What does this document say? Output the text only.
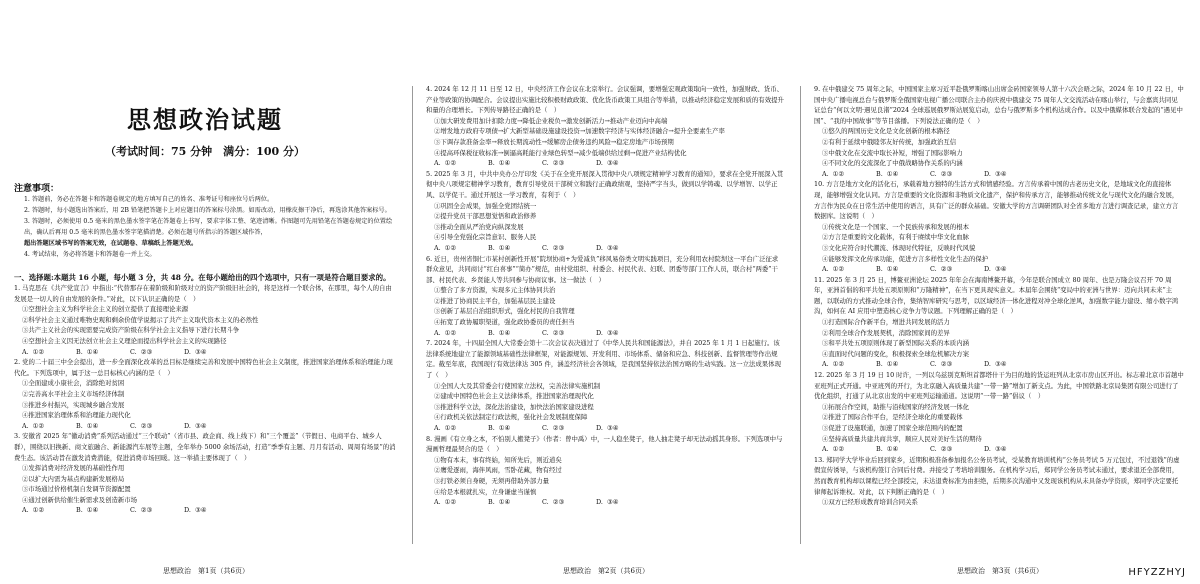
思想政治试题
（考试时间：75 分钟　满分：100 分）
注意事项：

1. 答题前，务必在答题卡和答题卷规定的地方填写自己的姓名、准考证号和座位号后两位。

2. 答题时，每小题选出答案后，用 2B 铅笔把答题卡上对应题目的答案标号涂黑。如需改动，用橡皮擦干净后，再选涂其他答案标号。

3. 答题时，必须使用 0.5 毫米的黑色墨水签字笔在答题卷上书写，要求字体工整、笔迹清晰。作图题可先用铅笔在答题卷规定的位置绘出，确认后再用 0.5 毫米的黑色墨水签字笔描清楚。必须在题号所指示的答题区域作答，

超出答题区域书写的答案无效，在试题卷、草稿纸上答题无效。

4. 考试结束，务必将答题卡和答题卷一并上交。

一、选择题:本题共 16 小题，每小题 3 分，共 48 分。在每小题给出的四个选项中，只有一项是符合题目要求的。
1. 马克思在《共产党宣言》中指出:“代替那存在着阶级和阶级对立的资产阶级旧社会的，将是这样一个联合体，在那里，每个人的自由发展是一切人的自由发展的条件。”对此，以下认识正确的是（　）
①空想社会主义为科学社会主义的创立提供了直接理论来源
②科学社会主义通过唯物史观和剩余价值学说揭示了共产主义取代资本主义的必然性
③共产主义社会的实现需要完成资产阶级在科学社会主义指导下进行长期斗争
④空想社会主义因无法创立社会主义理论而提出科学社会主义的实现路径
A. ①②	B. ①④	C. ②③	D. ③④
2. 党的二十届三中全会提出，进一步全面深化改革的总目标是继续完善和发展中国特色社会主义制度，推进国家治理体系和治理能力现代化。下列选项中，属于这一总目标核心内涵的是（　）
①全面建成小康社会，消除绝对贫困
②完善高水平社会主义市场经济体制
③推进乡村振兴，实现城乡融合发展
④推进国家治理体系和治理能力现代化
A. ①②	B. ①④	C. ②③	D. ③④
3. 安徽省 2025 年“徽动消费”系列活动通过“三个联动”（省市县、政企商、线上线下）和“三个覆盖”（节假日、电商平台、城乡人群），围绕以旧换新、商文旅融合、新能源汽车展等主题，全年举办 5000 余场活动，打造“季季有主题、月月有活动、周周有场景”的消费生态。该活动旨在激发消费潜能，促进消费市场回暖。这一举措主要体现了（　）
①发挥消费对经济发展的基础性作用
②以扩大内需为基点构建新发展格局
③市场通过价格机制自发调节资源配置
④通过创新供给催生新需求及创造新市场
A. ①②	B. ①④	C. ②③	D. ③④
思想政治　第1页（共6页）
4. 2024 年 12 月 11 日至 12 日，中央经济工作会议在北京举行。会议强调，要增强宏观政策取向一致性，加强财政、货币、产业等政策的协调配合。会议提出实施比较积极财政政策、优化货币政策工具组合等举措，以推动经济稳定发展和质的有效提升和量的合理增长。下列传导路径正确的是（　）
①加大研发费用加计扣除力度→降低企业税负→激发创新活力→推动产业迈向中高端
②增发地方政府专项债→扩大新型基础设施建设投资→加速数字经济与实体经济融合→提升全要素生产率
③下调存款准备金率→释放长期流动性→缓解房企债务违约风险→稳定房地产市场预期
④提高环保税征收标准→倒逼高耗能行业绿色转型→减少低端供给过剩→促进产业结构优化
A. ①②	B. ①④	C. ②③	D. ③④
5. 2025 年 3 月，中共中央办公厅印发《关于在全党开展深入贯彻中央八项规定精神学习教育的通知》，要求在全党开展深入贯彻中央八项规定精神学习教育，教育引导党员干部树立和践行正确政绩观，坚持严字当头，做到以学铸魂、以学增智、以学正风、以学促干。通过开展这一学习教育，有利于（　）
①巩固全会成果，加强全党团结统一
②提升党员干部思想觉悟和政治修养
③推动全面从严治党向纵深发展
④引导全党强化宗旨意识、服务人民
A. ①②	B. ①④	C. ②③	D. ③④
6. 近日，贵州省铜仁市某村创新性开展“院坝协商+为爱减负”移风易俗类文明实践项目，充分利用农村院坝这一平台广泛征求群众意见，共同商讨“红白喜事”“简办”规范，由村党组织、村委会、村民代表、妇联、团委等部门工作人员，联合村“两委”干部、村民代表、乡贤能人等共同参与协商议事。这一做法（　）
①整合了多方资源，实现多元主体协同共治
②推进了协商民主平台，加强基层民主建设
③创新了基层自治组织形式，强化村民的自我管理
④拓宽了政协履职渠道，强化政协委员的责任担当
A. ①②	B. ①④	C. ②③	D. ③④
7. 2024 年，十四届全国人大常委会第十二次会议表决通过了《中华人民共和国能源法》，并自 2025 年 1 月 1 日起施行。该法律系统地建立了能源领域基础性法律框架，对能源规划、开发利用、市场体系、储备和应急、科技创新、监督管理等作出规定。截至年底，我国现行有效法律达 305 件，涵盖经济社会各领域，是我国坚持依法治国方略的生动实践。这一立法成果体现了（　）
①全国人大及其常委会行使国家立法权，完善法律实施机制
②建成中国特色社会主义法律体系，推进国家治理现代化
③推进科学立法，深化法治建设，加快法治国家建设进程
④行政机关依法制定行政法规，强化社会发展制度保障
A. ①②	B. ①④	C. ②③	D. ③④
8. 漫画《有立身之本，不怕别人搬凳子》（作者：曾中禹）中，一人稳坐凳子，他人抽走凳子却无法动摇其身形。下列选项中与漫画哲理最契合的是（　）
①物有本末，事有终始，知所先后，则近道矣
②鹰爱逐雨，海伴风雨，雪卧花藏，物有经过
③打铁必须自身硬，无须再借助外部力量
④给是本根就扎实，立身谦虚当谨慎
A. ①②	B. ①④	C. ②③	D. ③④
思想政治　第2页（共6页）
9. 在中俄建交 75 周年之际，中国国家主席习近平赴俄罗斯喀山出席金砖国家领导人第十六次会晤之际，2024 年 10 月 22 日，中国中央广播电视总台与俄罗斯全俄国家电视广播公司联合主办的庆祝中俄建交 75 周年人文交流活动在喀山举行，与会嘉宾共同见证总台“何以文明·遇见良渚”2024 全球巡展俄罗斯站展览启动，总台与俄罗斯多个机构达成合作。以及中俄媒体联合发起的“遇见中国”、“我的中国故事”等节目落播。下列说法正确的是（　）
①悠久的两国历史文化是文化创新的根本路径
②有利于延续中俄睦邻友好传统，加强政治互信
③中俄文化在交流中取长补短，增强了国际影响力
④不同文化的交流深化了中俄战略协作关系的内涵
A. ①②	B. ①④	C. ②③	D. ③④
10. 方言是地方文化的活化石，承载着地方独特的生活方式和情感经验。方言传承着中国的古老历史文化，是地域文化的直接体现，能够增强文化认同。方言是重要的文化资源和非物质文化遗产，保护和传承方言，能够推动传统文化与现代文化的融合发展，方言作为民众在日常生活中使用的语言，具有广泛的群众基础。安徽大学的方言调研团队对全省多地方言进行调查记录，建立方言数据库。这说明（　）
①传统文化是一个国家、一个民族传承和发展的根本
②方言是重要的文化载体，有利于赓续中华文化血脉
③文化应符合时代潮流、体现时代特征，反映时代风貌
④能够发挥文化传承功能，促进方言多样性文化生态的保护
A. ①②	B. ①④	C. ②③	D. ③④
11. 2025 年 3 月 25 日，博鳌亚洲论坛 2025 年年会在海南博鳌开幕，今年是联合国成立 80 周年、也是万隆会议召开 70 周年，亚洲首倡的和平共处五项原则和“万隆精神”，在当下更具现实意义。本届年会围绕“变局中的亚洲与世界：迈向共同未来”主题，以联动的方式推动全球合作，集纳智库研究与思考，以区域经济一体化进程对冲全球化逆风，加强数字能力建设、缩小数字鸿沟，如何在 AI 应用中塑造核心竞争力等议题。下列理解正确的是（　）
①打造国际合作新平台，增进共同发展的活力
②利用全球合作发展契机，消除国家间的差异
③和平共处五项原则体现了新型国际关系的本质内涵
④直面时代问题的变化，积极探索全球危机解决方案
A. ①②	B. ①④	C. ②③	D. ③④
12. 2025 年 3 月 19 日 10 时许，一列以乌兹别克斯坦首都塔什干为目的地的货运班列从北京市房山区开出。标志着北京市首趟中亚班列正式开通。中亚班列的开行，为北京融入高质量共建“一带一路”增加了新支点。为此，中国铁路北京局集团有限公司进行了优化组织，打通了从北京出发的中亚班列运输通道。这说明“一带一路”倡议（　）
①拓展合作空间，助推与沿线国家的经济发展一体化
②推进了国际合作平台，是经济全球化的重要载体
③促进了设施联通，加速了国家全球范围内的配置
④坚持高质量共建共商共享，顺应人民对美好生活的期待
A. ①②	B. ①④	C. ②③	D. ③④
13. 郑同学大学毕业后回到家乡，近期积极准备参加报名公务员考试，受某教育培训机构“公务员考试 5 万元包过，不过退钱”的虚假宣传诱导，与该机构签订合同后付费。并接受了考培培训服务。在机构学习后，郑同学公务员考试未通过，要求退还全部费用，然而教育机构却以课程已经全部授完，未达退费标准为由拒绝，后期多次沟通中又发现该机构从未具备办学资质，郑同学决定要托律师起诉维权。对此，以下判断正确的是（　）
①双方已经形成教育培训合同关系
思想政治　第3页（共6页）	HFYZZHYJ
